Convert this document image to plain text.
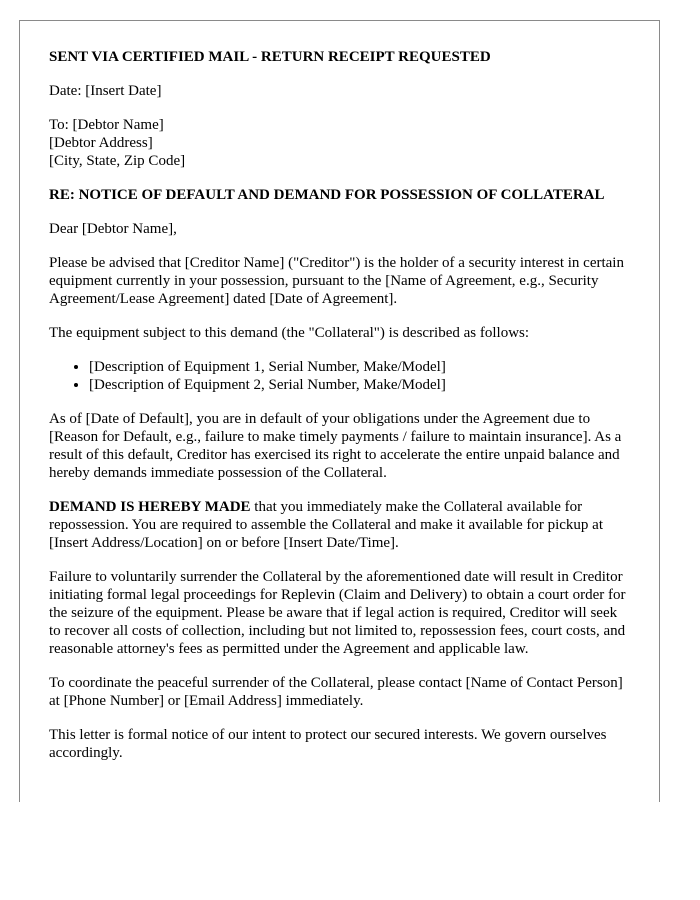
SENT VIA CERTIFIED MAIL - RETURN RECEIPT REQUESTED

Date: [Insert Date]

To: [Debtor Name]
[Debtor Address]
[City, State, Zip Code]

RE: NOTICE OF DEFAULT AND DEMAND FOR POSSESSION OF COLLATERAL

Dear [Debtor Name],

Please be advised that [Creditor Name] ("Creditor") is the holder of a security interest in certain equipment currently in your possession, pursuant to the [Name of Agreement, e.g., Security Agreement/Lease Agreement] dated [Date of Agreement].

The equipment subject to this demand (the "Collateral") is described as follows:

• [Description of Equipment 1, Serial Number, Make/Model]
• [Description of Equipment 2, Serial Number, Make/Model]

As of [Date of Default], you are in default of your obligations under the Agreement due to [Reason for Default, e.g., failure to make timely payments / failure to maintain insurance]. As a result of this default, Creditor has exercised its right to accelerate the entire unpaid balance and hereby demands immediate possession of the Collateral.

DEMAND IS HEREBY MADE that you immediately make the Collateral available for repossession. You are required to assemble the Collateral and make it available for pickup at [Insert Address/Location] on or before [Insert Date/Time].

Failure to voluntarily surrender the Collateral by the aforementioned date will result in Creditor initiating formal legal proceedings for Replevin (Claim and Delivery) to obtain a court order for the seizure of the equipment. Please be aware that if legal action is required, Creditor will seek to recover all costs of collection, including but not limited to, repossession fees, court costs, and reasonable attorney's fees as permitted under the Agreement and applicable law.

To coordinate the peaceful surrender of the Collateral, please contact [Name of Contact Person] at [Phone Number] or [Email Address] immediately.

This letter is formal notice of our intent to protect our secured interests. We govern ourselves accordingly.
